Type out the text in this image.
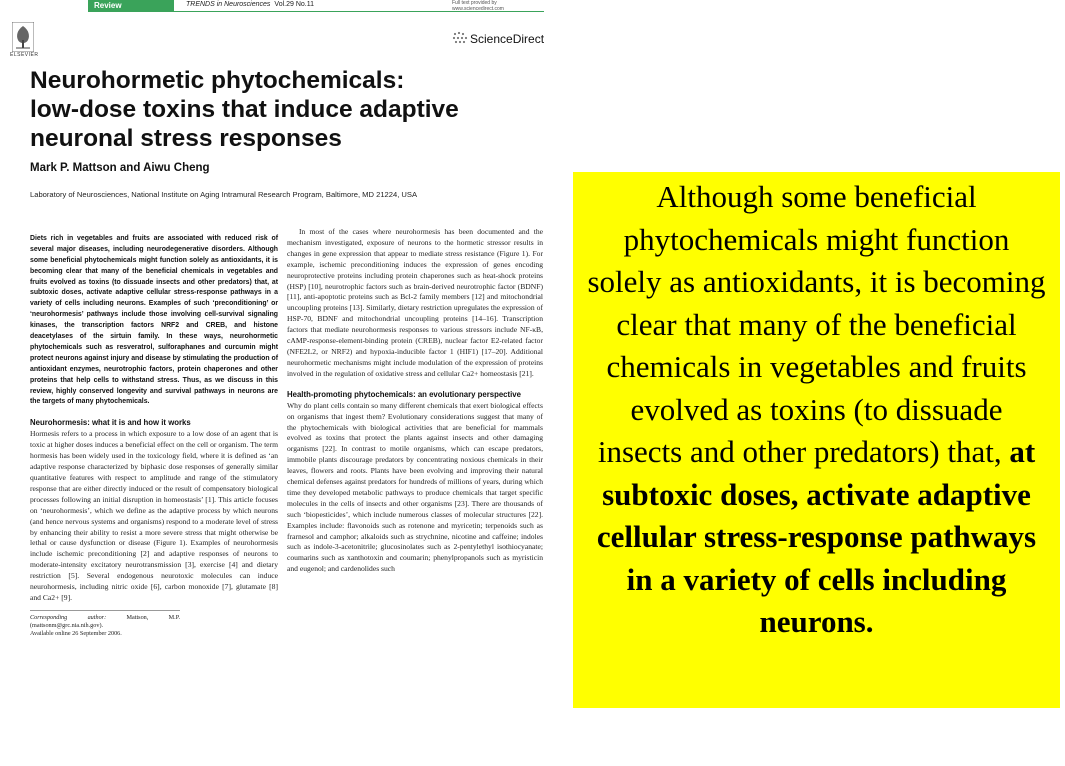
ELSEVIER
Review	TRENDS in Neurosciences Vol.29 No.11	Full text provided by www.sciencedirect.com
ScienceDirect
Neurohormetic phytochemicals:
low-dose toxins that induce adaptive
neuronal stress responses
Mark P. Mattson and Aiwu Cheng
Laboratory of Neurosciences, National Institute on Aging Intramural Research Program, Baltimore, MD 21224, USA

Diets rich in vegetables and fruits are associated with reduced risk of several major diseases, including neurodegenerative disorders. Although some beneficial phytochemicals might function solely as antioxidants, it is becoming clear that many of the beneficial chemicals in vegetables and fruits evolved as toxins (to dissuade insects and other predators) that, at subtoxic doses, activate adaptive cellular stress-response pathways in a variety of cells including neurons. Examples of such ‘preconditioning’ or ‘neurohormesis’ pathways include those involving cell-survival signaling kinases, the transcription factors NRF2 and CREB, and histone deacetylases of the sirtuin family. In these ways, neurohormetic phytochemicals such as resveratrol, sulforaphanes and curcumin might protect neurons against injury and disease by stimulating the production of antioxidant enzymes, neurotrophic factors, protein chaperones and other proteins that help cells to withstand stress. Thus, as we discuss in this review, highly conserved longevity and survival pathways in neurons are the targets of many phytochemicals.

Neurohormesis: what it is and how it works

Hormesis refers to a process in which exposure to a low dose of an agent that is toxic at higher doses induces a beneficial effect on the cell or organism. The term hormesis has been widely used in the toxicology field, where it is defined as ‘an adaptive response characterized by biphasic dose responses of generally similar quantitative features with respect to amplitude and range of the stimulatory response that are either directly induced or the result of compensatory biological processes following an initial disruption in homeostasis’ [1]. This article focuses on ‘neurohormesis’, which we define as the adaptive process by which neurons (and hence nervous systems and organisms) respond to a moderate level of stress by enhancing their ability to resist a more severe stress that might otherwise be lethal or cause dysfunction or disease (Figure 1). Examples of neurohormesis include ischemic preconditioning [2] and adaptive responses of neurons to moderate-intensity excitatory neurotransmission [3], exercise [4] and dietary restriction [5]. Several endogenous neurotoxic molecules can induce neurohormesis, including nitric oxide [6], carbon monoxide [7], glutamate [8] and Ca2+ [9].

Corresponding author:	Mattson, M.P. (mattsonm@grc.nia.nih.gov).
Available online 26 September 2006.

In most of the cases where neurohormesis has been documented and the mechanism investigated, exposure of neurons to the hormetic stressor results in changes in gene expression that appear to mediate stress resistance (Figure 1). For example, ischemic preconditioning induces the expression of genes encoding neuroprotective proteins including protein chaperones such as heat-shock proteins (HSP) [10], neurotrophic factors such as brain-derived neurotrophic factor (BDNF) [11], anti-apoptotic proteins such as Bcl-2 family members [12] and mitochondrial uncoupling proteins [13]. Similarly, dietary restriction upregulates the expression of HSP-70, BDNF and mitochondrial uncoupling proteins [14–16]. Transcription factors that mediate neurohormesis responses to various stressors include NF-κB, cAMP-response-element-binding protein (CREB), nuclear factor E2-related factor (NFE2L2, or NRF2) and hypoxia-inducible factor 1 (HIF1) [17–20]. Additional neurohormetic mechanisms might include modulation of the expression of proteins involved in the regulation of oxidative stress and cellular Ca2+ homeostasis [21].

Health-promoting phytochemicals: an evolutionary perspective

Why do plant cells contain so many different chemicals that exert biological effects on organisms that ingest them? Evolutionary considerations suggest that many of the phytochemicals with biological activities that are beneficial for mammals evolved as toxins that protect the plants against insects and other damaging organisms [22]. In contrast to motile organisms, which can escape predators, immobile plants discourage predators by concentrating noxious chemicals in their leaves, flowers and roots. Plants have been evolving and improving their natural chemical defenses against predators for hundreds of millions of years, during which time they developed metabolic pathways to produce chemicals that target specific molecules in the cells of insects and other organisms [23]. There are thousands of such ‘biopesticides’, which include numerous classes of molecular structures [22]. Examples include: flavonoids such as rotenone and myricetin; terpenoids such as frarnesol and camphor; alkaloids such as strychnine, nicotine and caffeine; indoles such as indole-3-acetonitrile; glucosinolates such as 2-pentylethyl isothiocyanate; coumarins such as xanthotoxin and coumarin; phenylpropanols such as myristicin and eugenol; and cardenolides such

Although some beneficial phytochemicals might function solely as antioxidants, it is becoming clear that many of the beneficial chemicals in vegetables and fruits evolved as toxins (to dissuade insects and other predators) that, at subtoxic doses, activate adaptive cellular stress-response pathways in a variety of cells including neurons.
